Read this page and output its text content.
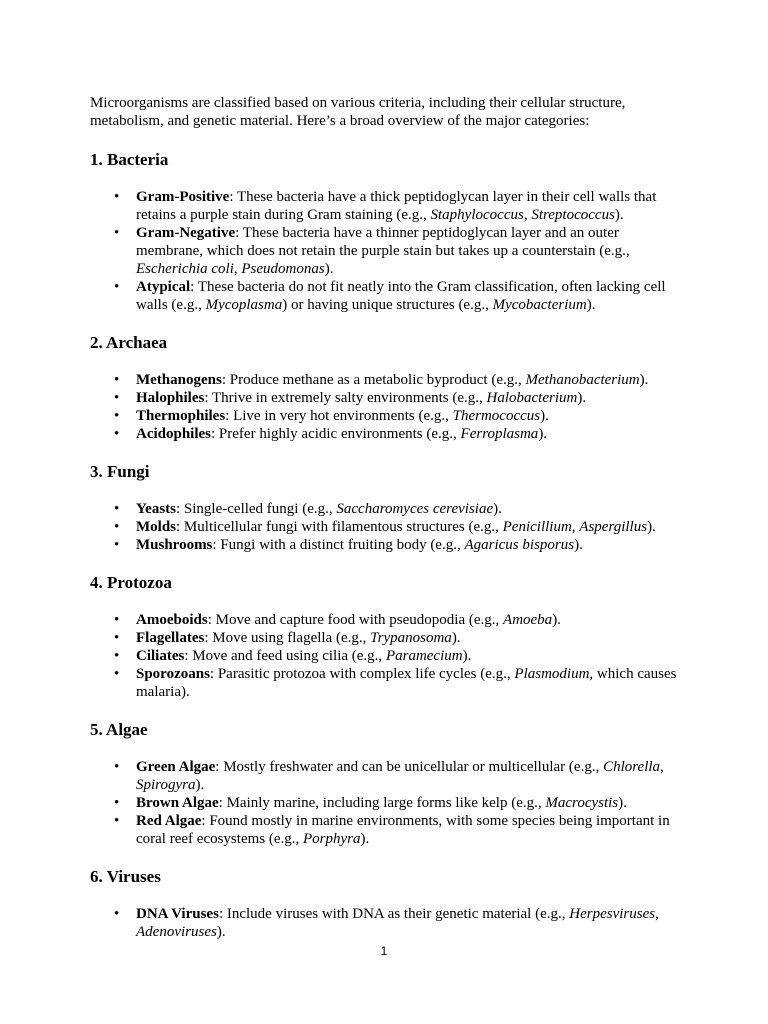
Microorganisms are classified based on various criteria, including their cellular structure, metabolism, and genetic material. Here’s a broad overview of the major categories:

1. Bacteria
• Gram-Positive: These bacteria have a thick peptidoglycan layer in their cell walls that retains a purple stain during Gram staining (e.g., Staphylococcus, Streptococcus).
• Gram-Negative: These bacteria have a thinner peptidoglycan layer and an outer membrane, which does not retain the purple stain but takes up a counterstain (e.g., Escherichia coli, Pseudomonas).
• Atypical: These bacteria do not fit neatly into the Gram classification, often lacking cell walls (e.g., Mycoplasma) or having unique structures (e.g., Mycobacterium).
2. Archaea
• Methanogens: Produce methane as a metabolic byproduct (e.g., Methanobacterium).
• Halophiles: Thrive in extremely salty environments (e.g., Halobacterium).
• Thermophiles: Live in very hot environments (e.g., Thermococcus).
• Acidophiles: Prefer highly acidic environments (e.g., Ferroplasma).
3. Fungi
• Yeasts: Single-celled fungi (e.g., Saccharomyces cerevisiae).
• Molds: Multicellular fungi with filamentous structures (e.g., Penicillium, Aspergillus).
• Mushrooms: Fungi with a distinct fruiting body (e.g., Agaricus bisporus).
4. Protozoa
• Amoeboids: Move and capture food with pseudopodia (e.g., Amoeba).
• Flagellates: Move using flagella (e.g., Trypanosoma).
• Ciliates: Move and feed using cilia (e.g., Paramecium).
• Sporozoans: Parasitic protozoa with complex life cycles (e.g., Plasmodium, which causes malaria).
5. Algae
• Green Algae: Mostly freshwater and can be unicellular or multicellular (e.g., Chlorella, Spirogyra).
• Brown Algae: Mainly marine, including large forms like kelp (e.g., Macrocystis).
• Red Algae: Found mostly in marine environments, with some species being important in coral reef ecosystems (e.g., Porphyra).
6. Viruses
• DNA Viruses: Include viruses with DNA as their genetic material (e.g., Herpesviruses, Adenoviruses).
1
